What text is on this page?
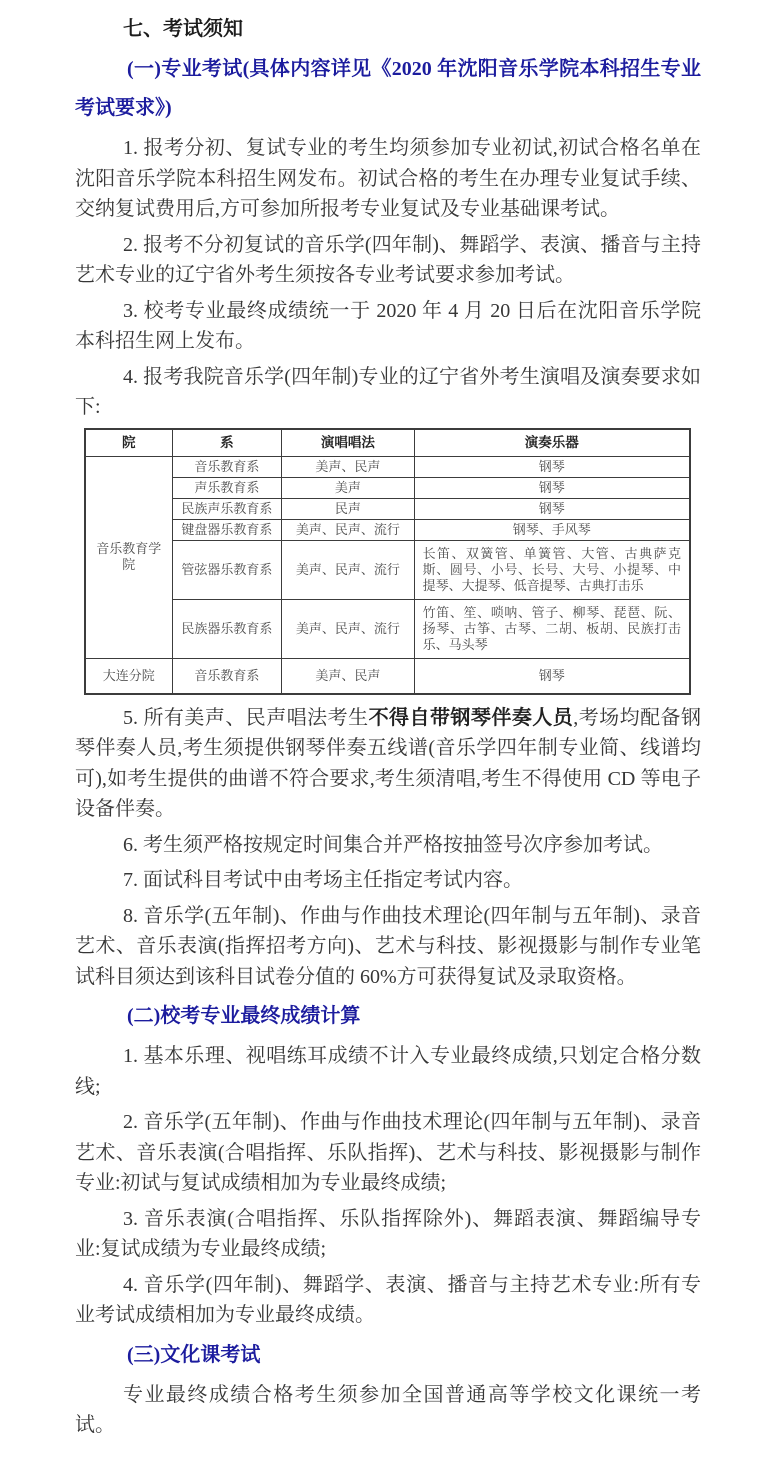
七、考试须知
(一)专业考试(具体内容详见《2020 年沈阳音乐学院本科招生专业考试要求》)

1. 报考分初、复试专业的考生均须参加专业初试,初试合格名单在沈阳音乐学院本科招生网发布。初试合格的考生在办理专业复试手续、交纳复试费用后,方可参加所报考专业复试及专业基础课考试。

2. 报考不分初复试的音乐学(四年制)、舞蹈学、表演、播音与主持艺术专业的辽宁省外考生须按各专业考试要求参加考试。

3. 校考专业最终成绩统一于 2020 年 4 月 20 日后在沈阳音乐学院本科招生网上发布。

4. 报考我院音乐学(四年制)专业的辽宁省外考生演唱及演奏要求如下:

院	系	演唱唱法	演奏乐器
音乐教育学院	音乐教育系	美声、民声	钢琴
	声乐教育系	美声	钢琴
	民族声乐教育系	民声	钢琴
	键盘器乐教育系	美声、民声、流行	钢琴、手风琴
	管弦器乐教育系	美声、民声、流行	长笛、双簧管、单簧管、大管、古典萨克斯、圆号、小号、长号、大号、小提琴、中提琴、大提琴、低音提琴、古典打击乐
	民族器乐教育系	美声、民声、流行	竹笛、笙、唢呐、管子、柳琴、琵琶、阮、扬琴、古筝、古琴、二胡、板胡、民族打击乐、马头琴
大连分院	音乐教育系	美声、民声	钢琴

5. 所有美声、民声唱法考生不得自带钢琴伴奏人员,考场均配备钢琴伴奏人员,考生须提供钢琴伴奏五线谱(音乐学四年制专业简、线谱均可),如考生提供的曲谱不符合要求,考生须清唱,考生不得使用 CD 等电子设备伴奏。

6. 考生须严格按规定时间集合并严格按抽签号次序参加考试。

7. 面试科目考试中由考场主任指定考试内容。

8. 音乐学(五年制)、作曲与作曲技术理论(四年制与五年制)、录音艺术、音乐表演(指挥招考方向)、艺术与科技、影视摄影与制作专业笔试科目须达到该科目试卷分值的 60%方可获得复试及录取资格。

(二)校考专业最终成绩计算

1. 基本乐理、视唱练耳成绩不计入专业最终成绩,只划定合格分数线;

2. 音乐学(五年制)、作曲与作曲技术理论(四年制与五年制)、录音艺术、音乐表演(合唱指挥、乐队指挥)、艺术与科技、影视摄影与制作专业:初试与复试成绩相加为专业最终成绩;

3. 音乐表演(合唱指挥、乐队指挥除外)、舞蹈表演、舞蹈编导专业:复试成绩为专业最终成绩;

4. 音乐学(四年制)、舞蹈学、表演、播音与主持艺术专业:所有专业考试成绩相加为专业最终成绩。

(三)文化课考试

专业最终成绩合格考生须参加全国普通高等学校文化课统一考试。
